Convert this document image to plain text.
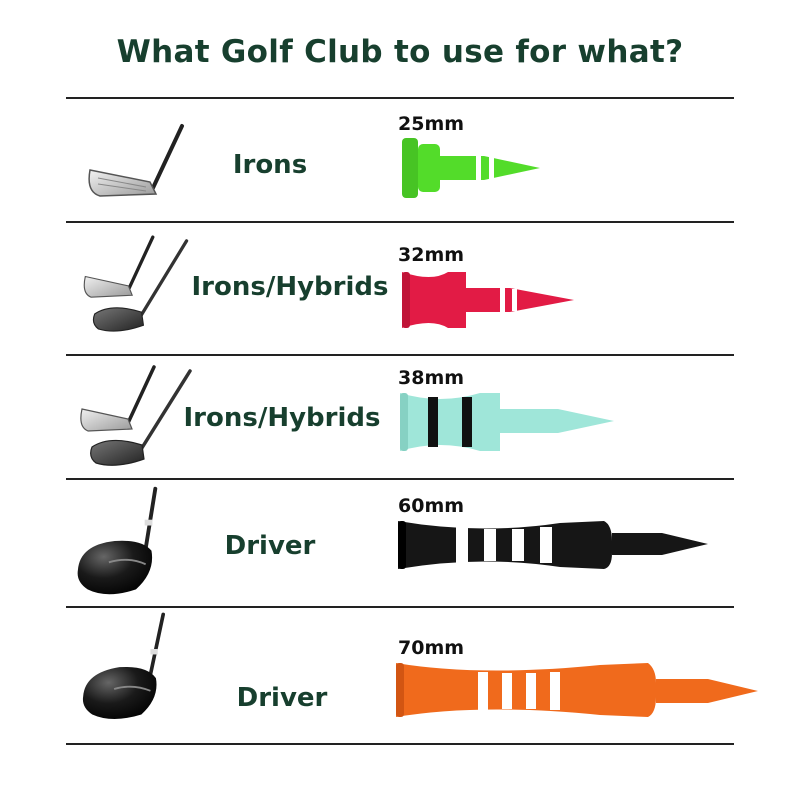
What Golf Club to use for what?
Irons
25mm
Irons/Hybrids
32mm
Irons/Hybrids
38mm
Driver
60mm
Driver
70mm
